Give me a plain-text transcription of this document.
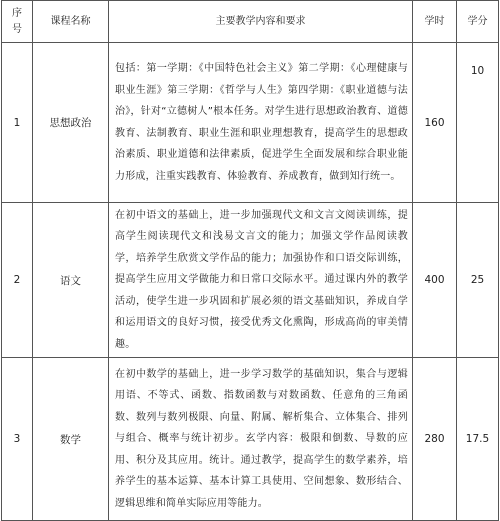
序
号	课程名称	主要教学内容和要求	学时	学分
1	思想政治	包括：第一学期：《中国特色社会主义》第二学期：《心理健康与职业生涯》第三学期：《哲学与人生》第四学期：《职业道德与法治》，针对“立德树人”根本任务。对学生进行思想政治教育、道德教育、法制教育、职业生涯和职业理想教育，提高学生的思想政治素质、职业道德和法律素质，促进学生全面发展和综合职业能力形成，注重实践教育、体验教育、养成教育，做到知行统一。	160	10

2	语文	在初中语文的基础上，进一步加强现代文和文言文阅读训练，提高学生阅读现代文和浅易文言文的能力；加强文学作品阅读教学，培养学生欣赏文学作品的能力；加强协作和口语交际训练，提高学生应用文学做能力和日常口交际水平。通过课内外的教学活动，使学生进一步巩固和扩展必须的语文基础知识，养成自学和运用语文的良好习惯，接受优秀文化熏陶，形成高尚的审美情趣。	400	25
3	数学	在初中数学的基础上，进一步学习数学的基础知识，集合与逻辑用语、不等式、函数、指数函数与对数函数、任意角的三角函数、数列与数列极限、向量、附属、解析集合、立体集合、排列与组合、概率与统计初步。玄学内容：极限和倒数、导数的应用、积分及其应用。统计。通过教学，提高学生的数学素养，培养学生的基本运算、基本计算工具使用、空间想象、数形结合、逻辑思维和简单实际应用等能力。	280	17.5
